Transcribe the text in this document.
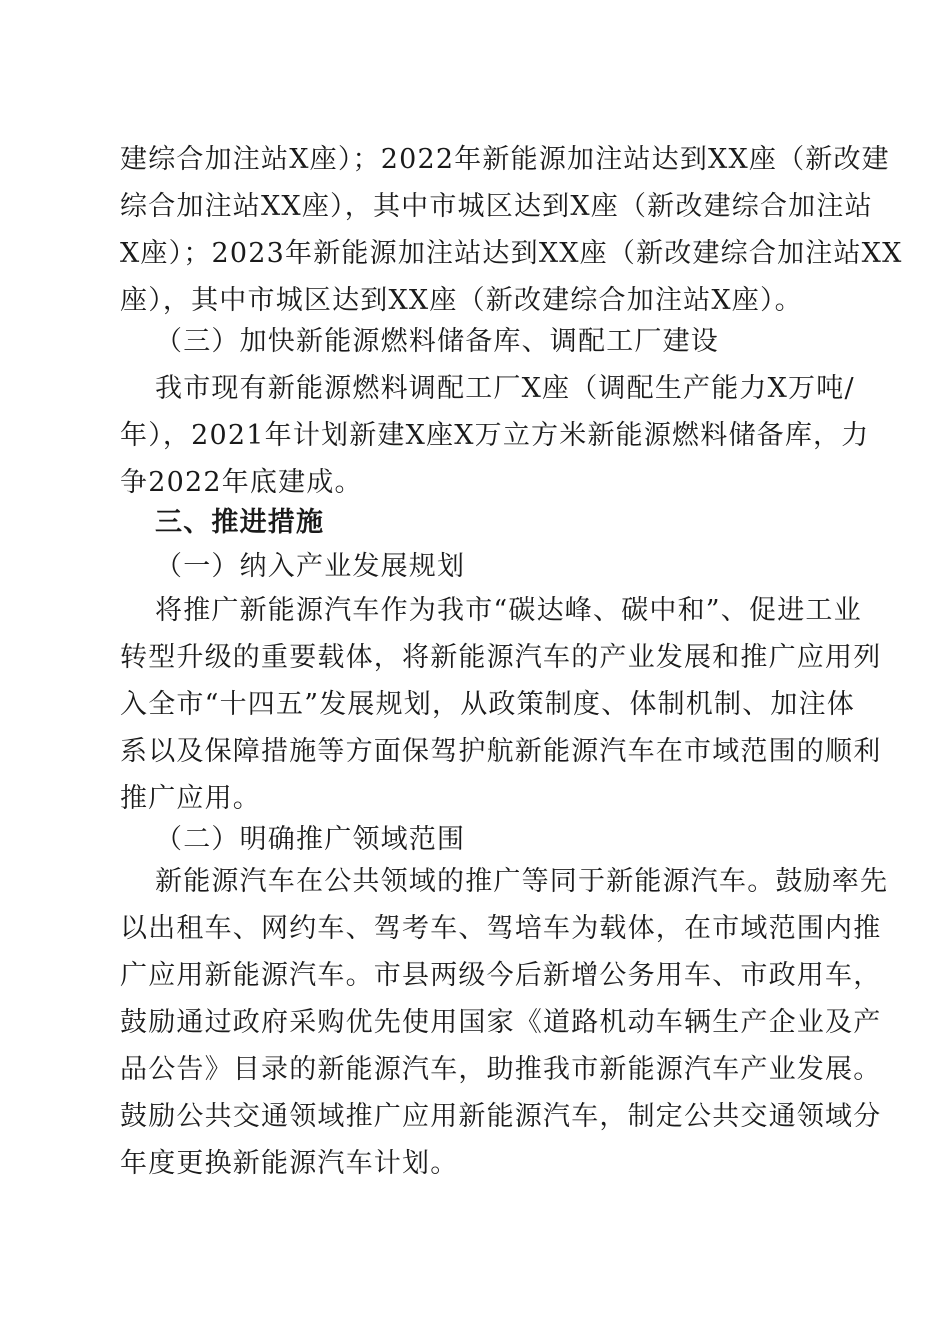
建综合加注站X座）；2022年新能源加注站达到XX座（新改建
综合加注站XX座），其中市城区达到X座（新改建综合加注站
X座）；2023年新能源加注站达到XX座（新改建综合加注站XX
座），其中市城区达到XX座（新改建综合加注站X座）。
（三）加快新能源燃料储备库、调配工厂建设
我市现有新能源燃料调配工厂X座（调配生产能力X万吨/
年），2021年计划新建X座X万立方米新能源燃料储备库，力
争2022年底建成。
三、推进措施
（一）纳入产业发展规划
将推广新能源汽车作为我市“碳达峰、碳中和”、促进工业
转型升级的重要载体，将新能源汽车的产业发展和推广应用列
入全市“十四五”发展规划，从政策制度、体制机制、加注体
系以及保障措施等方面保驾护航新能源汽车在市域范围的顺利
推广应用。
（二）明确推广领域范围
新能源汽车在公共领域的推广等同于新能源汽车。鼓励率先
以出租车、网约车、驾考车、驾培车为载体，在市域范围内推
广应用新能源汽车。市县两级今后新增公务用车、市政用车，
鼓励通过政府采购优先使用国家《道路机动车辆生产企业及产
品公告》目录的新能源汽车，助推我市新能源汽车产业发展。
鼓励公共交通领域推广应用新能源汽车，制定公共交通领域分
年度更换新能源汽车计划。
